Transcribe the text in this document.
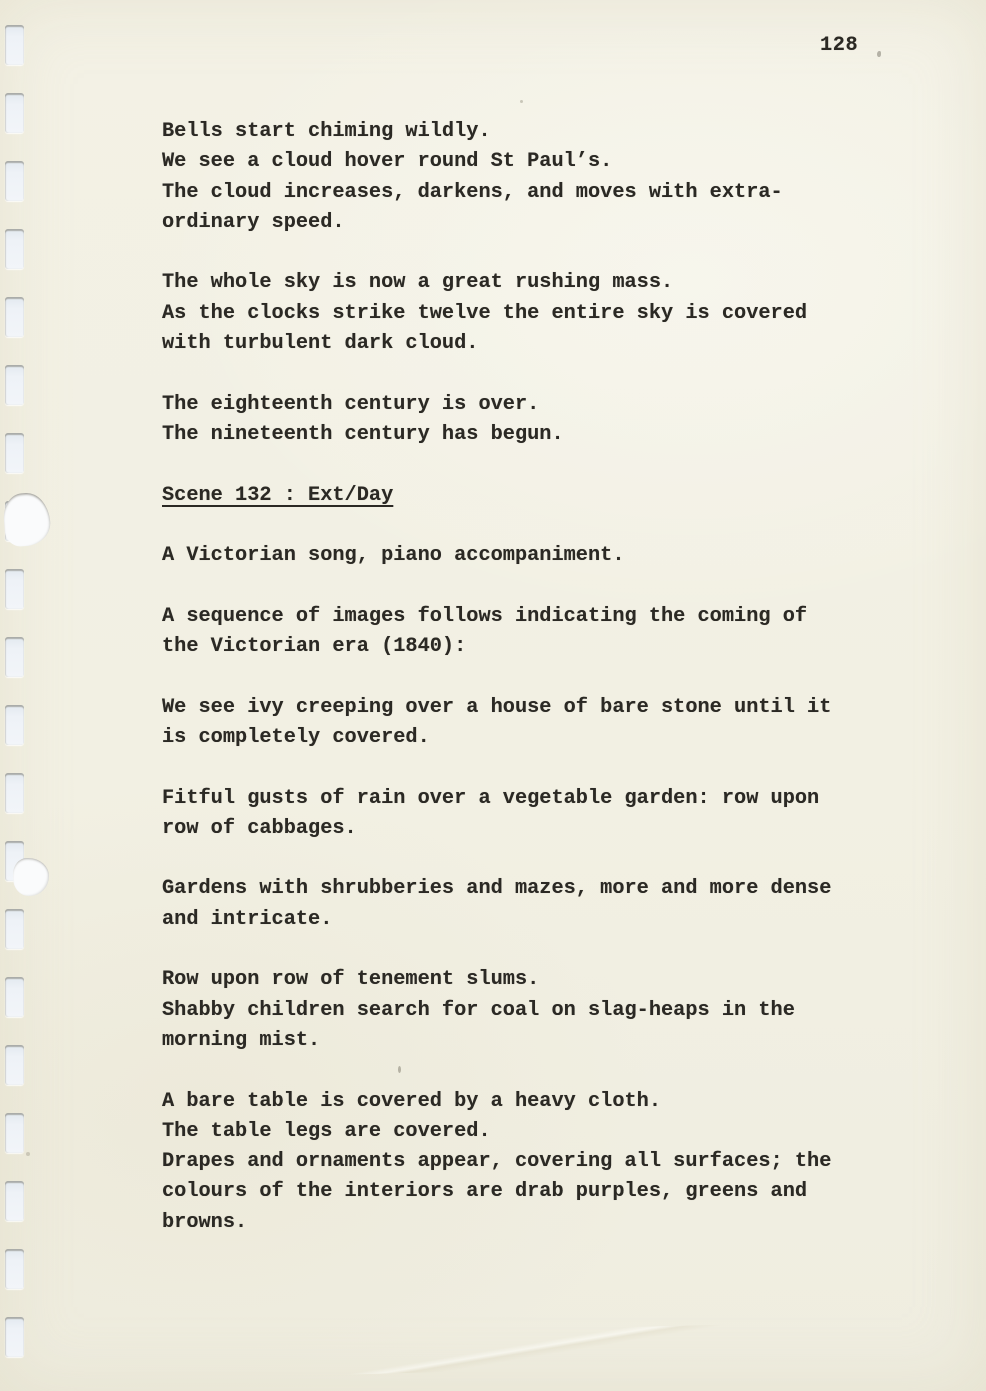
128
Bells start chiming wildly.
We see a cloud hover round St Paul’s.
The cloud increases, darkens, and moves with extra-
ordinary speed.
The whole sky is now a great rushing mass.
As the clocks strike twelve the entire sky is covered
with turbulent dark cloud.
The eighteenth century is over.
The nineteenth century has begun.
Scene 132 : Ext/Day
A Victorian song, piano accompaniment.
A sequence of images follows indicating the coming of
the Victorian era (1840):
We see ivy creeping over a house of bare stone until it
is completely covered.
Fitful gusts of rain over a vegetable garden: row upon
row of cabbages.
Gardens with shrubberies and mazes, more and more dense
and intricate.
Row upon row of tenement slums.
Shabby children search for coal on slag-heaps in the
morning mist.
A bare table is covered by a heavy cloth.
The table legs are covered.
Drapes and ornaments appear, covering all surfaces; the
colours of the interiors are drab purples, greens and
browns.
